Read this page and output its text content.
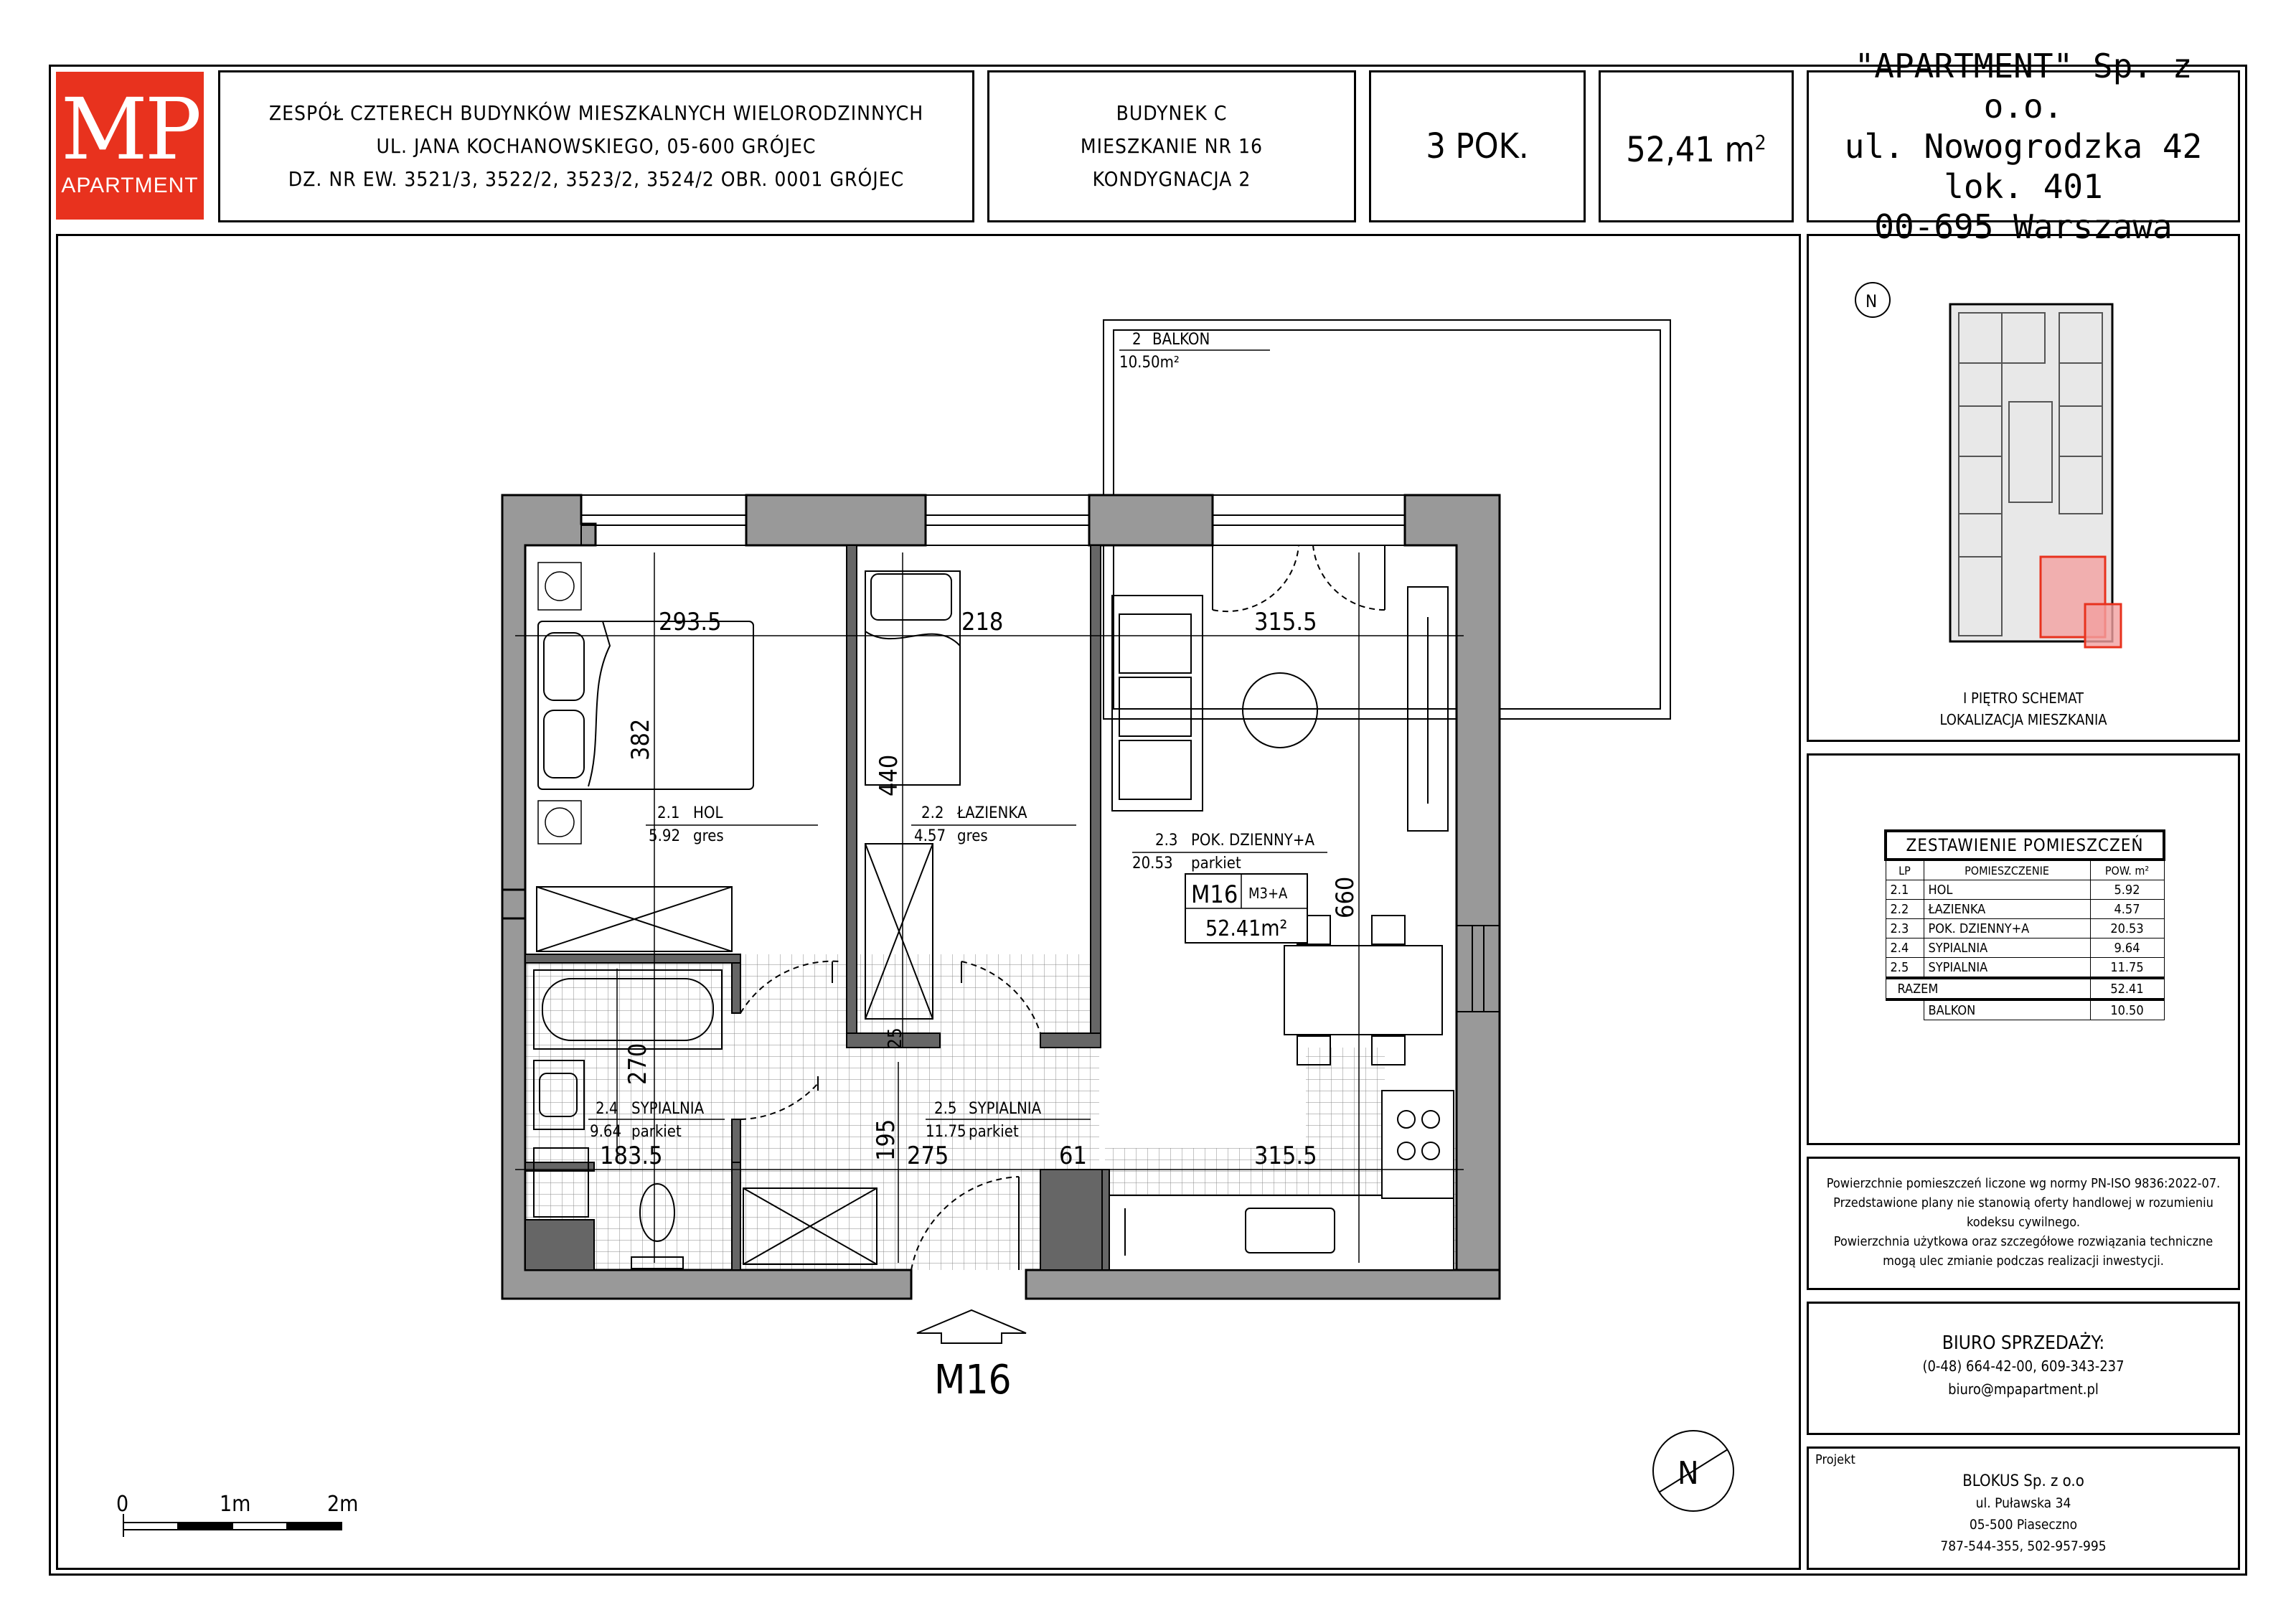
MP
APARTMENT
ZESPÓŁ CZTERECH BUDYNKÓW MIESZKALNYCH WIELORODZINNYCH
UL. JANA KOCHANOWSKIEGO, 05-600 GRÓJEC
DZ. NR EW. 3521/3, 3522/2, 3523/2, 3524/2 OBR. 0001 GRÓJEC
BUDYNEK C
MIESZKANIE NR 16
KONDYGNACJA 2
3 POK.	52,41 $m^2$
"APARTMENT" Sp. z o.o.
ul. Nowogrodzka 42 lok. 401
00-695 Warszawa
2 BALKON
10.50m²
2.1 HOL
5.92 gres
2.2 ŁAZIENKA
4.57 gres	2.3 POK. DZIENNY+A
20.53 parkiet
2.4 SYPIALNIA
9.64 parkiet
2.5 SYPIALNIA
11.75 parkiet
293.5	218	315.5
382
440
660
270
183.5
25
195 275	61	315.5
M16 M3+A
52.41m²
M16
0	1m	2m
N
N
I PIĘTRO SCHEMAT
LOKALIZACJA MIESZKANIA
ZESTAWIENIE POMIESZCZEŃ		
LP	POMIESZCZENIE	POW. m²
2.1	HOL	5.92
2.2	ŁAZIENKA	4.57
2.3	POK. DZIENNY+A	20.53
2.4	SYPIALNIA	9.64
2.5	SYPIALNIA	11.75
RAZEM		52.41
	BALKON	10.50
Powierzchnie pomieszczeń liczone wg normy PN-ISO 9836:2022-07.
Przedstawione plany nie stanowią oferty handlowej w rozumieniu
kodeksu cywilnego.
Powierzchnia użytkowa oraz szczegółowe rozwiązania techniczne
mogą ulec zmianie podczas realizacji inwestycji.
BIURO SPRZEDAŻY:
(0-48) 664-42-00, 609-343-237
biuro@mpapartment.pl
Projekt
BLOKUS Sp. z o.o
ul. Puławska 34
05-500 Piaseczno
787-544-355, 502-957-995
